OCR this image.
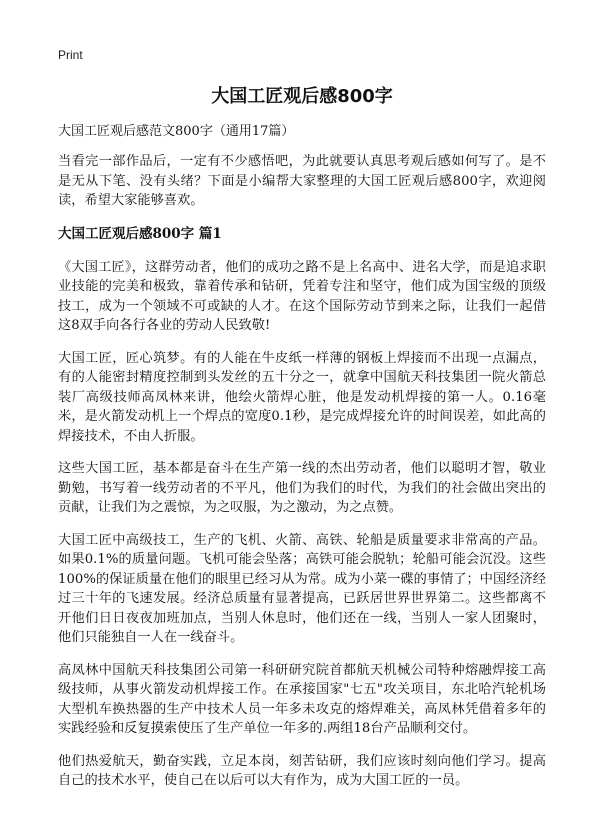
Print
大国工匠观后感800字
大国工匠观后感范文800字（通用17篇）

当看完一部作品后，一定有不少感悟吧，为此就要认真思考观后感如何写了。是不是无从下笔、没有头绪？下面是小编帮大家整理的大国工匠观后感800字，欢迎阅读，希望大家能够喜欢。

大国工匠观后感800字 篇1

《大国工匠》，这群劳动者，他们的成功之路不是上名高中、进名大学，而是追求职业技能的完美和极致，靠着传承和钻研，凭着专注和坚守，他们成为国宝级的顶级技工，成为一个领域不可或缺的人才。在这个国际劳动节到来之际，让我们一起借这8双手向各行各业的劳动人民致敬!

大国工匠，匠心筑梦。有的人能在牛皮纸一样薄的钢板上焊接而不出现一点漏点，有的人能密封精度控制到头发丝的五十分之一，就拿中国航天科技集团一院火箭总装厂高级技师高凤林来讲，他绘火箭焊心脏，他是发动机焊接的第一人。0.16毫米，是火箭发动机上一个焊点的宽度0.1秒，是完成焊接允许的时间误差，如此高的焊接技术，不由人折服。

这些大国工匠，基本都是奋斗在生产第一线的杰出劳动者，他们以聪明才智，敬业勤勉，书写着一线劳动者的不平凡，他们为我们的时代，为我们的社会做出突出的贡献，让我们为之震惊，为之叹服，为之激动，为之点赞。

大国工匠中高级技工，生产的飞机、火箭、高铁、轮船是质量要求非常高的产品。如果0.1%的质量问题。飞机可能会坠落；高铁可能会脱轨；轮船可能会沉没。这些100%的保证质量在他们的眼里已经习从为常。成为小菜一碟的事情了；中国经济经过三十年的飞速发展。经济总质量有显著提高，已跃居世界世界第二。这些都离不开他们日日夜夜加班加点，当别人休息时，他们还在一线，当别人一家人团聚时，他们只能独自一人在一线奋斗。

高凤林中国航天科技集团公司第一科研研究院首都航天机械公司特种熔融焊接工高级技师，从事火箭发动机焊接工作。在承接国家"七五"攻关项目，东北哈汽轮机场大型机车换热器的生产中技术人员一年多未攻克的熔焊难关，高凤林凭借着多年的实践经验和反复摸索使压了生产单位一年多的.两组18台产品顺利交付。

他们热爱航天，勤奋实践，立足本岗，刻苦钻研，我们应该时刻向他们学习。提高自己的技术水平，使自己在以后可以大有作为，成为大国工匠的一员。
